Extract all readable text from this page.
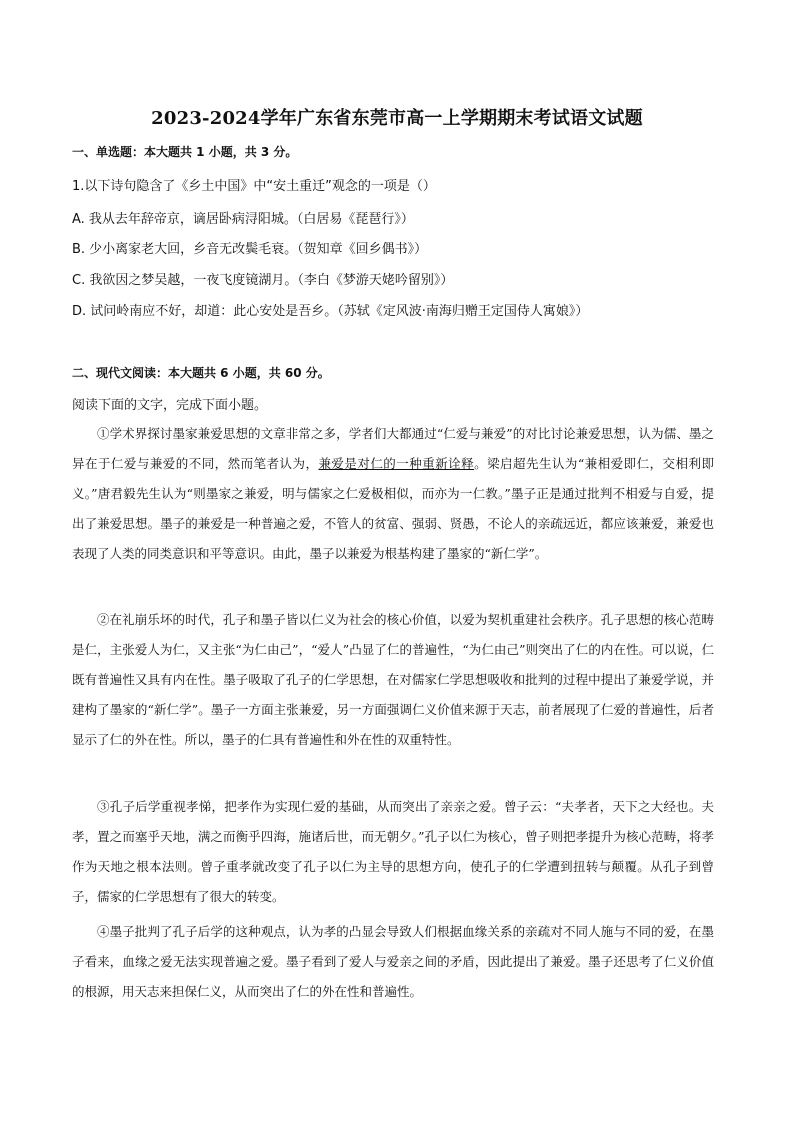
2023-2024学年广东省东莞市高一上学期期末考试语文试题
一、单选题：本大题共 1 小题，共 3 分。
1.以下诗句隐含了《乡土中国》中“安土重迁”观念的一项是（）
A. 我从去年辞帝京，谪居卧病浔阳城。（白居易《琵琶行》）
B. 少小离家老大回，乡音无改鬓毛衰。（贺知章《回乡偶书》）
C. 我欲因之梦吴越，一夜飞度镜湖月。（李白《梦游天姥吟留别》）
D. 试问岭南应不好，却道：此心安处是吾乡。（苏轼《定风波·南海归赠王定国侍人寓娘》）
二、现代文阅读：本大题共 6 小题，共 60 分。
阅读下面的文字，完成下面小题。
①学术界探讨墨家兼爱思想的文章非常之多，学者们大都通过“仁爱与兼爱”的对比讨论兼爱思想，认为儒、墨之异在于仁爱与兼爱的不同，然而笔者认为，兼爱是对仁的一种重新诠释。梁启超先生认为“兼相爱即仁，交相利即义。”唐君毅先生认为“则墨家之兼爱，明与儒家之仁爱极相似，而亦为一仁教。”墨子正是通过批判不相爱与自爱，提出了兼爱思想。墨子的兼爱是一种普遍之爱，不管人的贫富、强弱、贤愚，不论人的亲疏远近，都应该兼爱，兼爱也表现了人类的同类意识和平等意识。由此，墨子以兼爱为根基构建了墨家的“新仁学”。
②在礼崩乐坏的时代，孔子和墨子皆以仁义为社会的核心价值，以爱为契机重建社会秩序。孔子思想的核心范畴是仁，主张爱人为仁，又主张“为仁由己”，“爱人”凸显了仁的普遍性，“为仁由己”则突出了仁的内在性。可以说，仁既有普遍性又具有内在性。墨子吸取了孔子的仁学思想，在对儒家仁学思想吸收和批判的过程中提出了兼爱学说，并建构了墨家的“新仁学”。墨子一方面主张兼爱，另一方面强调仁义价值来源于天志，前者展现了仁爱的普遍性，后者显示了仁的外在性。所以，墨子的仁具有普遍性和外在性的双重特性。
③孔子后学重视孝悌，把孝作为实现仁爱的基础，从而突出了亲亲之爱。曾子云：“夫孝者，天下之大经也。夫孝，置之而塞乎天地，满之而衡乎四海，施诸后世，而无朝夕。”孔子以仁为核心，曾子则把孝提升为核心范畴，将孝作为天地之根本法则。曾子重孝就改变了孔子以仁为主导的思想方向，使孔子的仁学遭到扭转与颠覆。从孔子到曾子，儒家的仁学思想有了很大的转变。
④墨子批判了孔子后学的这种观点，认为孝的凸显会导致人们根据血缘关系的亲疏对不同人施与不同的爱，在墨子看来，血缘之爱无法实现普遍之爱。墨子看到了爱人与爱亲之间的矛盾，因此提出了兼爱。墨子还思考了仁义价值的根源，用天志来担保仁义，从而突出了仁的外在性和普遍性。
